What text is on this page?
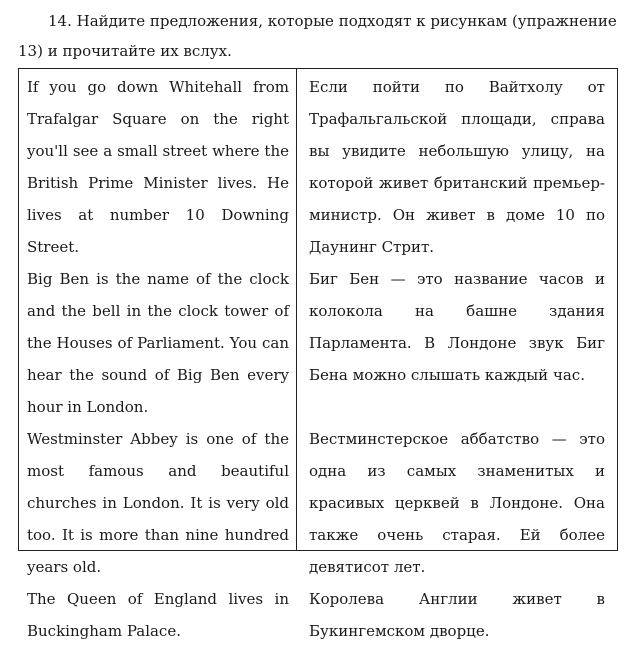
14. Найдите предложения, которые подходят к рисункам (упражнение 13) и прочитайте их вслух.
If you go down Whitehall from Trafalgar Square on the right you'll see a small street where the British Prime Minister lives. He lives at number 10 Downing Street.
Big Ben is the name of the clock and the bell in the clock tower of the Houses of Parliament. You can hear the sound of Big Ben every hour in London.
Westminster Abbey is one of the most famous and beautiful churches in London. It is very old too. It is more than nine hundred years old.
The Queen of England lives in Buckingham Palace.
Если пойти по Вайтхолу от Трафальгальской площади, справа вы увидите небольшую улицу, на которой живет британский премьер-министр. Он живет в доме 10 по Даунинг Стрит.
Биг Бен — это название часов и колокола на башне здания Парламента. В Лондоне звук Биг Бена можно слышать каждый час.
Вестминстерское аббатство — это одна из самых знаменитых и красивых церквей в Лондоне. Она также очень старая. Ей более девятисот лет.
Королева Англии живет в Букингемском дворце.
